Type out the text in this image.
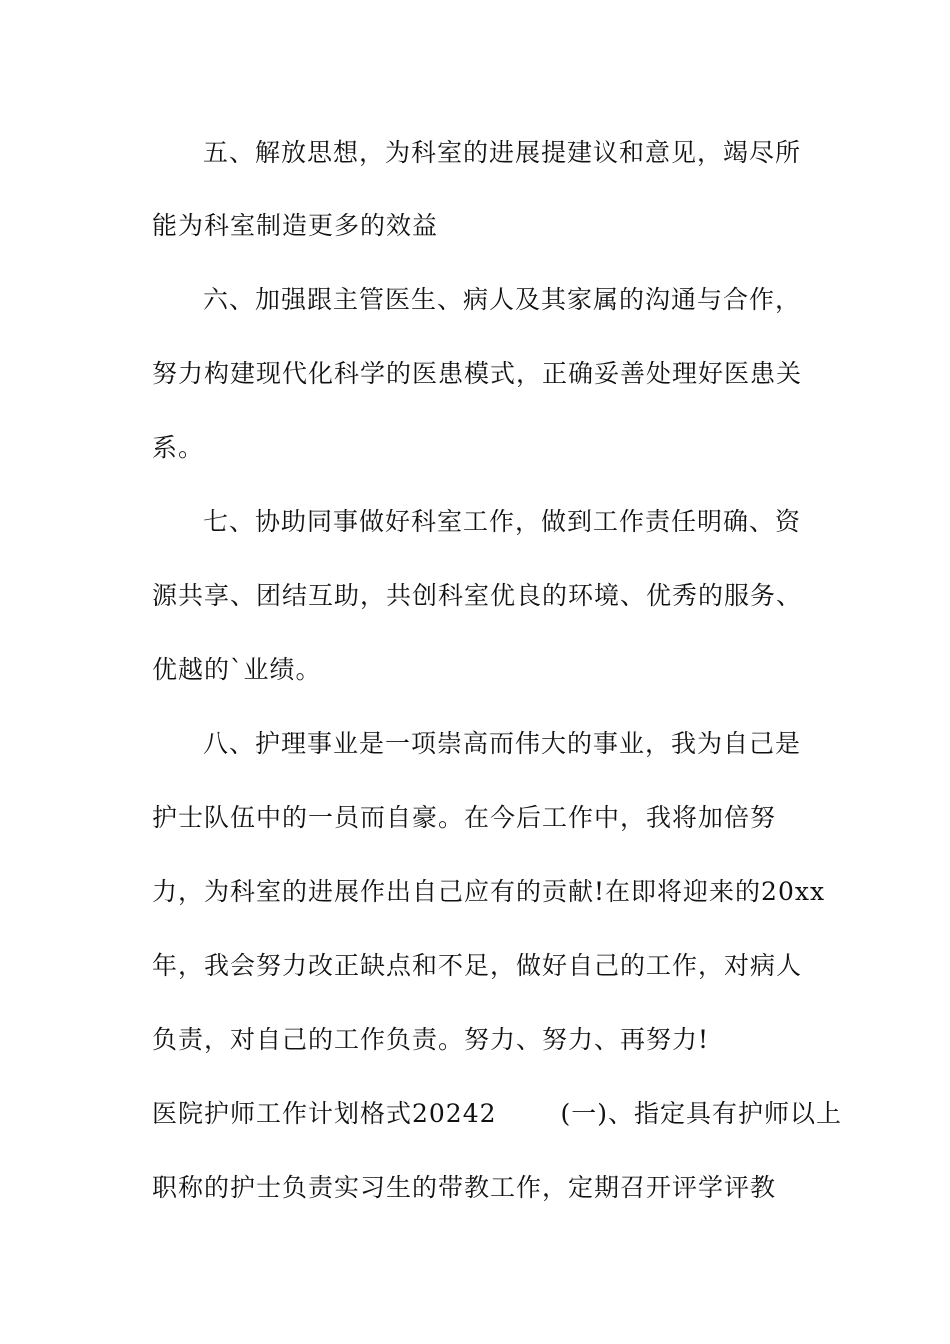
五、解放思想，为科室的进展提建议和意见，竭尽所
能为科室制造更多的效益
六、加强跟主管医生、病人及其家属的沟通与合作，
努力构建现代化科学的医患模式，正确妥善处理好医患关
系。
七、协助同事做好科室工作，做到工作责任明确、资
源共享、团结互助，共创科室优良的环境、优秀的服务、
优越的`业绩。
八、护理事业是一项崇高而伟大的事业，我为自己是
护士队伍中的一员而自豪。在今后工作中，我将加倍努
力，为科室的进展作出自己应有的贡献!在即将迎来的20xx
年，我会努力改正缺点和不足，做好自己的工作，对病人
负责，对自己的工作负责。努力、努力、再努力!
医院护师工作计划格式20242	(一)、指定具有护师以上
职称的护士负责实习生的带教工作，定期召开评学评教
